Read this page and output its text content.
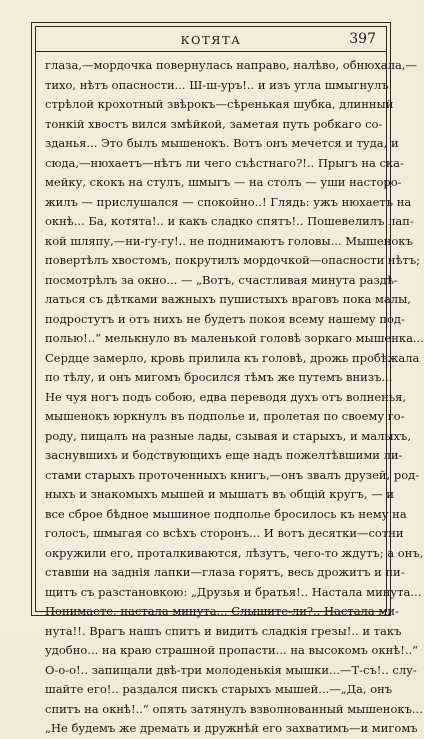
КОТЯТА	397
глаза,—мордочка повернулась направо, налѣво, обнюхала,—
тихо, нѣтъ опасности... Ш-ш-уръ!.. и изъ угла шмыгнулъ
стрѣлой крохотный звѣрокъ—сѣренькая шубка, длинный
тонкій хвостъ вился змѣйкой, заметая путь робкаго со-
зданья... Это былъ мышенокъ. Вотъ онъ мечется и туда, и
сюда,—нюхаетъ—нѣтъ ли чего съѣстнаго?!.. Прыгъ на ска-
мейку, скокъ на стулъ, шмыгъ — на столъ — уши насторо-
жилъ — прислушался — спокойно..! Глядь: ужъ нюхаетъ на
окнѣ... Ба, котята!.. и какъ сладко спятъ!.. Пошевелилъ лап-
кой шляпу,—ни-гу-гу!.. не поднимаютъ головы... Мышенокъ
повертѣлъ хвостомъ, покрутилъ мордочкой—опасности нѣтъ;
посмотрѣлъ за окно... — „Вотъ, счастливая минута раздѣ-
латься съ дѣтками важныхъ пушистыхъ враговъ пока малы,
подростутъ и отъ нихъ не будетъ покоя всему нашему под-
полью!..“ мелькнуло въ маленькой головѣ зоркаго мышенка...
Сердце замерло, кровь прилила къ головѣ, дрожь пробѣжала
по тѣлу, и онъ мигомъ бросился тѣмъ же путемъ внизъ...
Не чуя ногъ подъ собою, едва переводя духъ отъ волненья,
мышенокъ юркнулъ въ подполье и, пролетая по своему го-
роду, пищалъ на разные лады, сзывая и старыхъ, и малыхъ,
заснувшихъ и бодствующихъ еще надъ пожелтѣвшими ли-
стами старыхъ проточенныхъ книгъ,—онъ звалъ друзей, род-
ныхъ и знакомыхъ мышей и мышатъ въ общій кругъ, — и
все сброе бѣдное мышиное подполье бросилось къ нему на
голосъ, шмыгая со всѣхъ сторонъ... И вотъ десятки—сотни
окружили его, проталкиваются, лѣзутъ, чего-то ждутъ; а онъ,
ставши на заднія лапки—глаза горятъ, весь дрожитъ и пи-
щитъ съ разстановкою: „Друзья и братья!.. Настала минута...
Понимаете, настала минута... Слышите-ли?.. Настала ми-
нута!!. Врагъ нашъ спитъ и видитъ сладкія грезы!.. и такъ
удобно... на краю страшной пропасти... на высокомъ окнѣ!..“
О-о-о!.. запищали двѣ-три молоденькія мышки...—Т-съ!.. слу-
шайте его!.. раздался пискъ старыхъ мышей...—„Да, онъ
спитъ на окнѣ!..“ опять затянулъ взволнованный мышенокъ...
„Не будемъ же дремать и дружнѣй его захватимъ—и мигомъ
